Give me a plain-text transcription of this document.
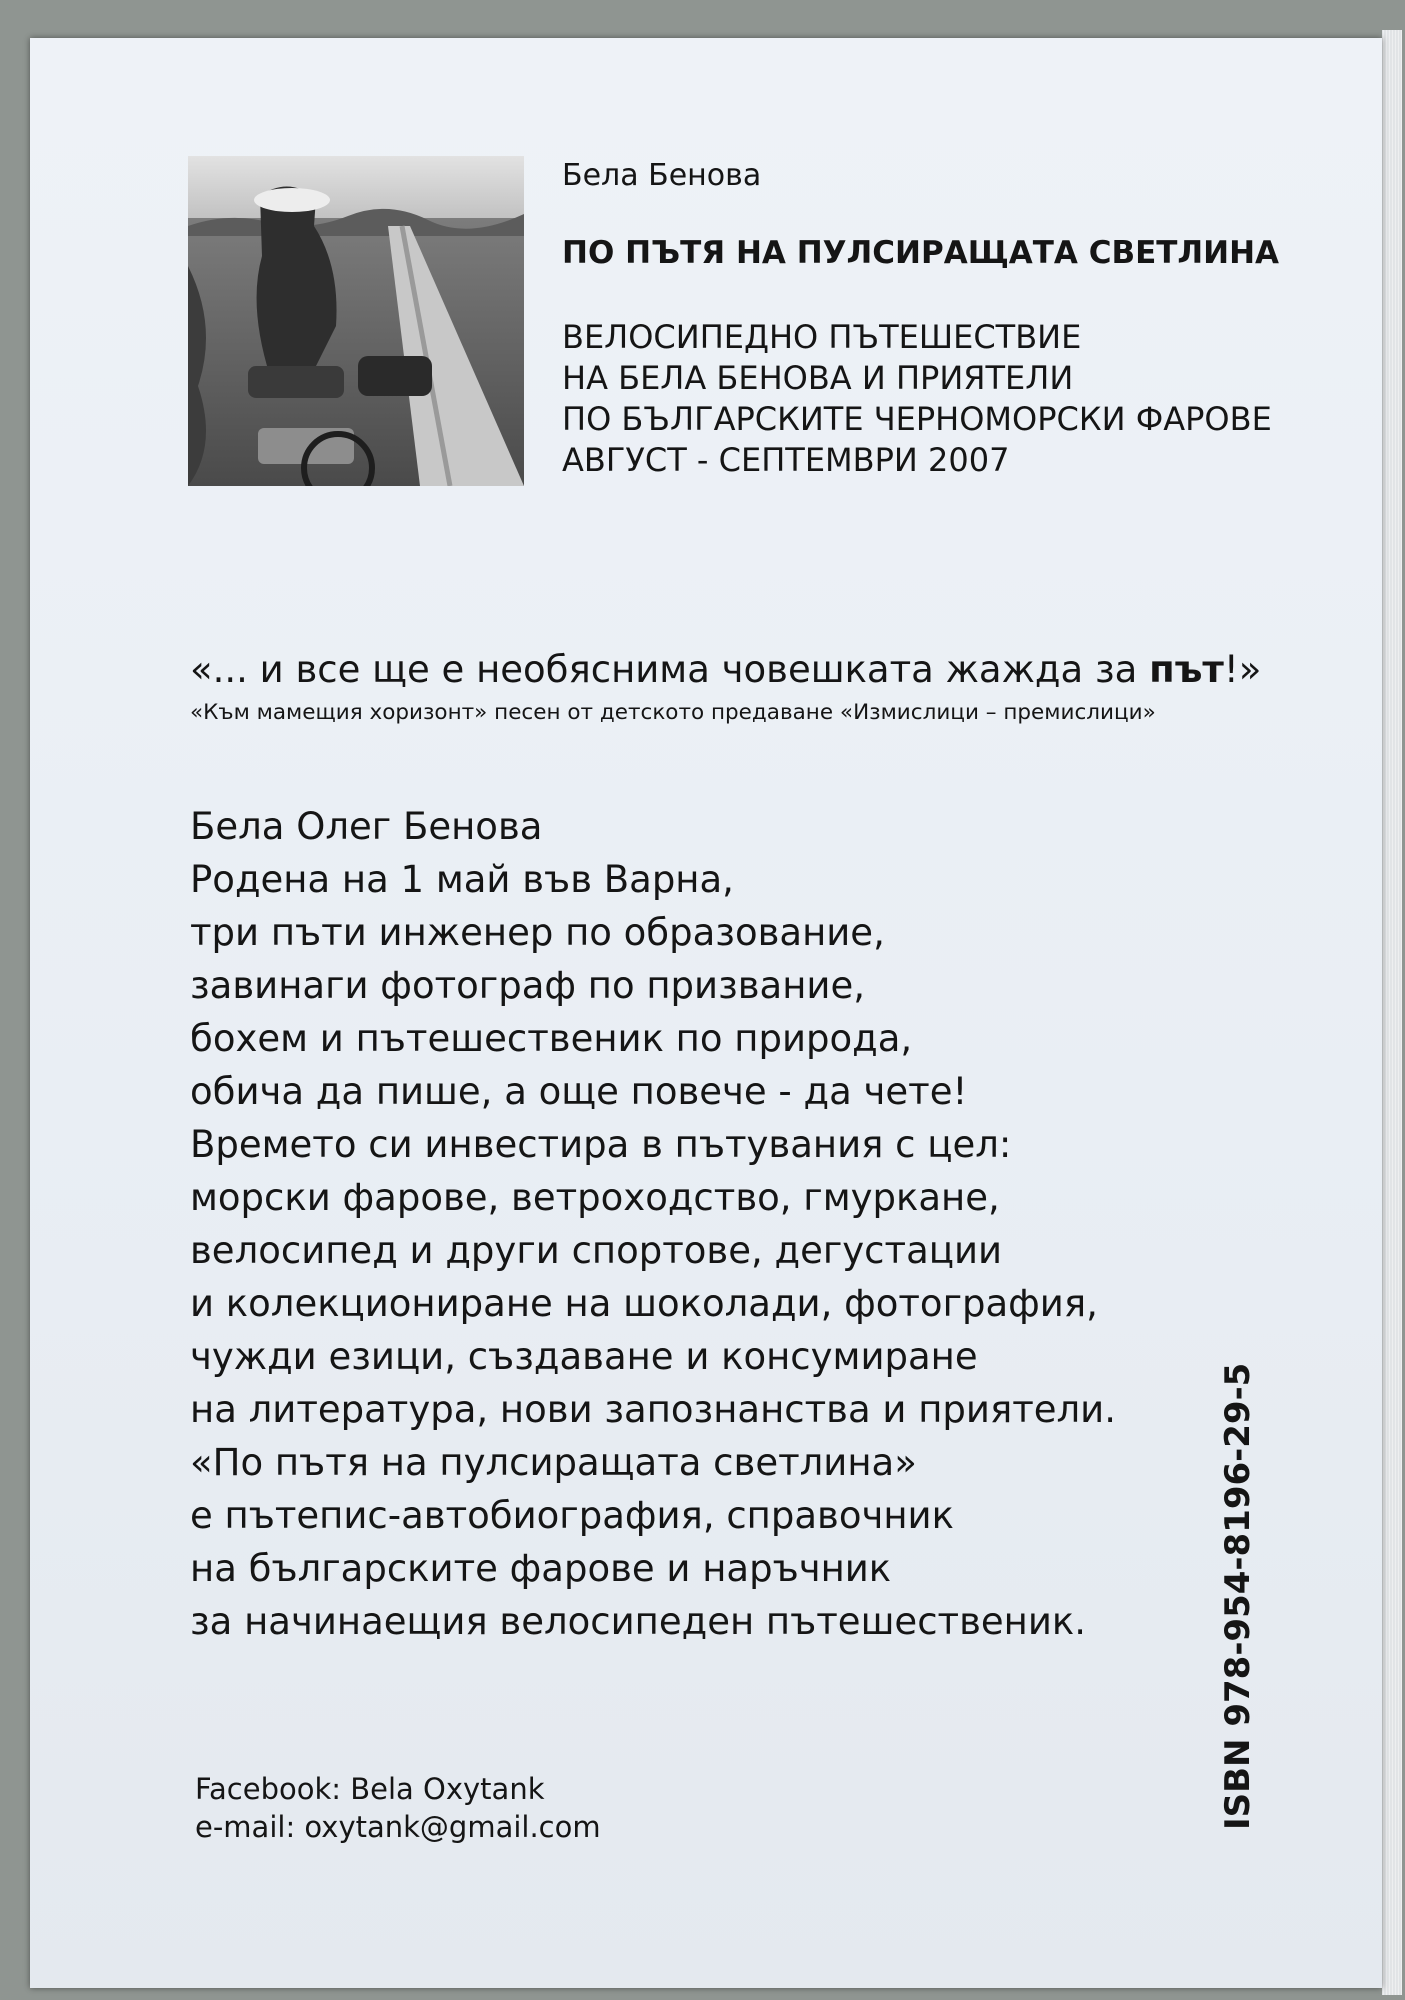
Бела Бенова

ПО ПЪТЯ НА ПУЛСИРАЩАТА СВЕТЛИНА

ВЕЛОСИПЕДНО ПЪТЕШЕСТВИЕ

НА БЕЛА БЕНОВА И ПРИЯТЕЛИ

ПО БЪЛГАРСКИТЕ ЧЕРНОМОРСКИ ФАРОВЕ

АВГУСТ - СЕПТЕМВРИ 2007

«... и все ще е необяснима човешката жажда за път!»

«Към мамещия хоризонт» песен от детското предаване «Измислици – премислици»

Бела Олег Бенова
Родена на 1 май във Варна,
три пъти инженер по образование,
завинаги фотограф по призвание,
бохем и пътешественик по природа,
обича да пише, а още повече - да чете!
Времето си инвестира в пътувания с цел:
морски фарове, ветроходство, гмуркане,
велосипед и други спортове, дегустации
и колекциониране на шоколади, фотография,
чужди езици, създаване и консумиране
на литература, нови запознанства и приятели.
«По пътя на пулсиращата светлина»
е пътепис-автобиография, справочник
на българските фарове и наръчник
за начинаещия велосипеден пътешественик.

Facebook: Bela Oxytank

e-mail: oxytank@gmail.com	ISBN 978-954-8196-29-5
